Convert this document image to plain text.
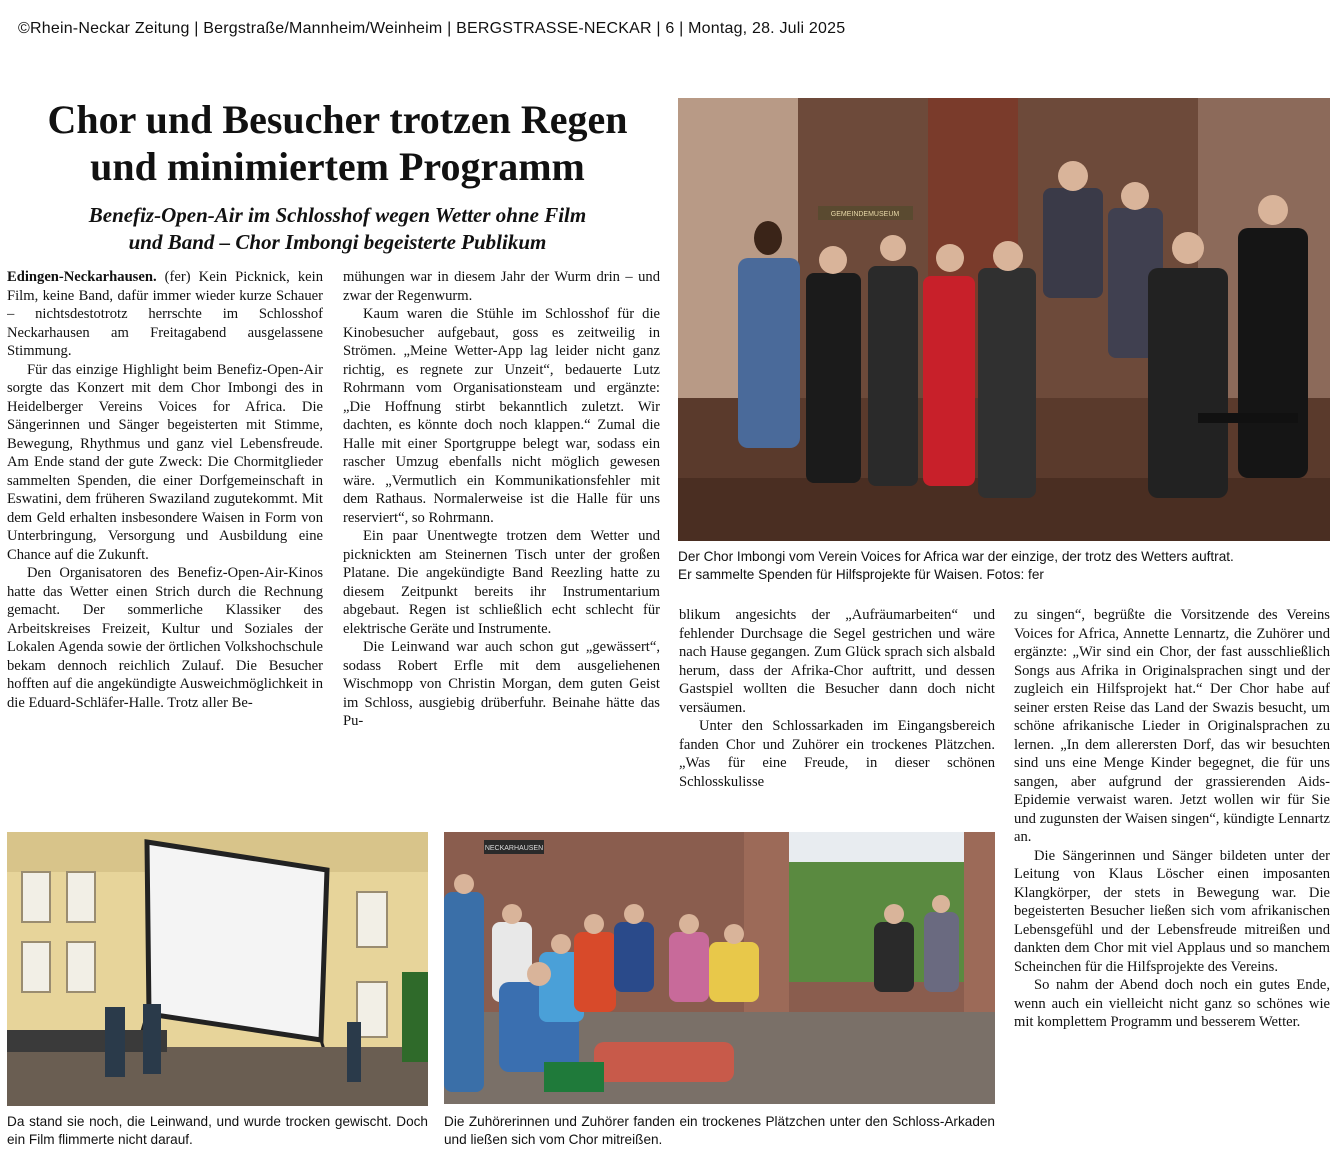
©Rhein-Neckar Zeitung | Bergstraße/Mannheim/Weinheim | BERGSTRASSE-NECKAR | 6 | Montag, 28. Juli 2025
Chor und Besucher trotzen Regen
und minimiertem Programm
Benefiz-Open-Air im Schlosshof wegen Wetter ohne Film
und Band – Chor Imbongi begeisterte Publikum

Edingen-Neckarhausen. (fer) Kein Picknick, kein Film, keine Band, dafür immer wieder kurze Schauer – nichtsdestotrotz herrschte im Schlosshof Neckarhausen am Freitagabend ausgelassene Stimmung.

Für das einzige Highlight beim Benefiz-Open-Air sorgte das Konzert mit dem Chor Imbongi des in Heidelberger Vereins Voices for Africa. Die Sängerinnen und Sänger begeisterten mit Stimme, Bewegung, Rhythmus und ganz viel Lebensfreude. Am Ende stand der gute Zweck: Die Chormitglieder sammelten Spenden, die einer Dorfgemeinschaft in Eswatini, dem früheren Swaziland zugutekommt. Mit dem Geld erhalten insbesondere Waisen in Form von Unterbringung, Versorgung und Ausbildung eine Chance auf die Zukunft.

Den Organisatoren des Benefiz-Open-Air-Kinos hatte das Wetter einen Strich durch die Rechnung gemacht. Der sommerliche Klassiker des Arbeitskreises Freizeit, Kultur und Soziales der Lokalen Agenda sowie der örtlichen Volkshochschule bekam dennoch reichlich Zulauf. Die Besucher hofften auf die angekündigte Ausweichmöglichkeit in die Eduard-Schläfer-Halle. Trotz aller Be-

mühungen war in diesem Jahr der Wurm drin – und zwar der Regenwurm.

Kaum waren die Stühle im Schlosshof für die Kinobesucher aufgebaut, goss es zeitweilig in Strömen. „Meine Wetter-App lag leider nicht ganz richtig, es regnete zur Unzeit“, bedauerte Lutz Rohrmann vom Organisationsteam und ergänzte: „Die Hoffnung stirbt bekanntlich zuletzt. Wir dachten, es könnte doch noch klappen.“ Zumal die Halle mit einer Sportgruppe belegt war, sodass ein rascher Umzug ebenfalls nicht möglich gewesen wäre. „Vermutlich ein Kommunikationsfehler mit dem Rathaus. Normalerweise ist die Halle für uns reserviert“, so Rohrmann.

Ein paar Unentwegte trotzen dem Wetter und picknickten am Steinernen Tisch unter der großen Platane. Die angekündigte Band Reezling hatte zu diesem Zeitpunkt bereits ihr Instrumentarium abgebaut. Regen ist schließlich echt schlecht für elektrische Geräte und Instrumente.

Die Leinwand war auch schon gut „gewässert“, sodass Robert Erfle mit dem ausgeliehenen Wischmopp von Christin Morgan, dem guten Geist im Schloss, ausgiebig drüberfuhr. Beinahe hätte das Pu-

blikum angesichts der „Aufräumarbeiten“ und fehlender Durchsage die Segel gestrichen und wäre nach Hause gegangen. Zum Glück sprach sich alsbald herum, dass der Afrika-Chor auftritt, und dessen Gastspiel wollten die Besucher dann doch nicht versäumen.

Unter den Schlossarkaden im Eingangsbereich fanden Chor und Zuhörer ein trockenes Plätzchen. „Was für eine Freude, in dieser schönen Schlosskulisse

zu singen“, begrüßte die Vorsitzende des Vereins Voices for Africa, Annette Lennartz, die Zuhörer und ergänzte: „Wir sind ein Chor, der fast ausschließlich Songs aus Afrika in Originalsprachen singt und der zugleich ein Hilfsprojekt hat.“ Der Chor habe auf seiner ersten Reise das Land der Swazis besucht, um schöne afrikanische Lieder in Originalsprachen zu lernen. „In dem allerersten Dorf, das wir besuchten sind uns eine Menge Kinder begegnet, die für uns sangen, aber aufgrund der grassierenden Aids-Epidemie verwaist waren. Jetzt wollen wir für Sie und zugunsten der Waisen singen“, kündigte Lennartz an.

Die Sängerinnen und Sänger bildeten unter der Leitung von Klaus Löscher einen imposanten Klangkörper, der stets in Bewegung war. Die begeisterten Besucher ließen sich vom afrikanischen Lebensgefühl und der Lebensfreude mitreißen und dankten dem Chor mit viel Applaus und so manchem Scheinchen für die Hilfsprojekte des Vereins.

So nahm der Abend doch noch ein gutes Ende, wenn auch ein vielleicht nicht ganz so schönes wie mit komplettem Programm und besserem Wetter.

GEMEINDEMUSEUM
Der Chor Imbongi vom Verein Voices for Africa war der einzige, der trotz des Wetters auftrat.
Er sammelte Spenden für Hilfsprojekte für Waisen. Fotos: fer
Da stand sie noch, die Leinwand, und wurde trocken gewischt. Doch ein Film flimmerte nicht darauf.
NECKARHAUSEN
Die Zuhörerinnen und Zuhörer fanden ein trockenes Plätzchen unter den Schloss-Arkaden und ließen sich vom Chor mitreißen.
